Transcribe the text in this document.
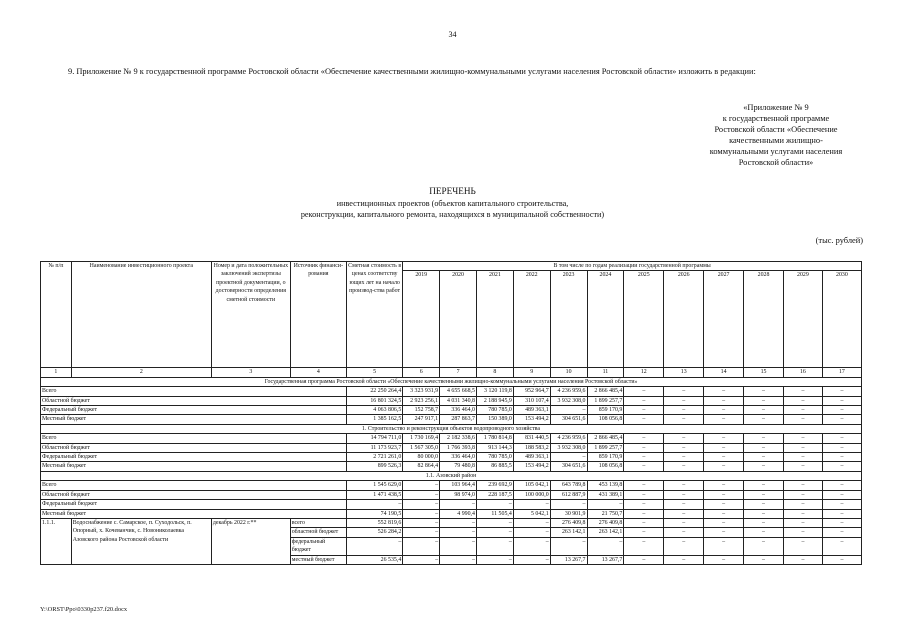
34
9. Приложение № 9 к государственной программе Ростовской области «Обеспечение качественными жилищно-коммунальными услугами населения Ростовской области» изложить в редакции:
«Приложение № 9
к государственной программе
Ростовской области «Обеспечение
качественными жилищно-
коммунальными услугами населения
Ростовской области»
ПЕРЕЧЕНЬ
инвестиционных проектов (объектов капитального строительства,
реконструкции, капитального ремонта, находящихся в муниципальной собственности)
(тыс. рублей)
№ п/п	Наименование инвестиционного проекта	Номер и дата положительных заключений экспертизы проектной документации, о достоверности определения сметной стоимости	Источник финанси-рования	Сметная стоимость в ценах соответству ющих лет на начало производ-ства работ	В том числе по годам реализации государственной программы											
					2019	2020	2021	2022	2023	2024	2025	2026	2027	2028	2029	2030
1	2	3	4	5	6	7	8	9	10	11	12	13	14	15	16	17
Государственная программа Ростовской области «Обеспечение качественными жилищно-коммунальными услугами населения Ростовской области»																
Всего				22 250 264,4	3 323 931,9	4 655 668,5	3 120 119,8	952 964,7	4 236 959,6	2 866 485,4	–	–	–	–	–	–
Областной бюджет				16 801 324,5	2 923 256,1	4 031 340,8	2 188 945,9	310 107,4	3 932 308,0	1 899 257,7	–	–	–	–	–	–
Федеральный бюджет				4 063 806,5	152 758,7	336 464,0	780 785,0	489 363,1	–	859 170,9	–	–	–	–	–	–
Местный бюджет				1 385 162,5	247 917,1	287 863,7	150 389,0	153 494,2	304 651,6	108 056,8	–	–	–	–	–	–
1. Строительство и реконструкция объектов водопроводного хозяйства																
Всего				14 794 711,0	1 730 169,4	2 182 338,6	1 780 814,8	831 440,5	4 236 959,6	2 866 485,4	–	–	–	–	–	–
Областной бюджет				11 173 923,7	1 567 305,0	1 766 393,8	913 144,3	188 583,2	3 932 308,0	1 899 257,7	–	–	–	–	–	–
Федеральный бюджет				2 721 261,0	80 000,0	336 464,0	780 785,0	489 363,1	–	859 170,9	–	–	–	–	–	–
Местный бюджет				899 526,3	82 864,4	79 480,8	86 885,5	153 494,2	304 651,6	108 056,8	–	–	–	–	–	–
1.1. Азовский район																
Всего				1 545 629,0	–	103 964,4	239 692,9	105 042,1	643 789,8	453 139,8	–	–	–	–	–	–
Областной бюджет				1 471 438,5	–	98 974,0	228 187,5	100 000,0	612 887,9	431 389,1	–	–	–	–	–	–
Федеральный бюджет				–	–	–	–	–	–	–	–	–	–	–	–	–
Местный бюджет				74 190,5	–	4 990,4	11 505,4	5 042,1	30 901,9	21 750,7	–	–	–	–	–	–
1.1.1.	Водоснабжение с. Самарское, п. Суходольск, п. Опорный, х. Кочеванчик, с. Новониколаевка Азовского района Ростовской области	декабрь 2022 г.**	всего	552 819,6	–	–	–	–	276 409,8	276 409,8	–	–	–	–	–	–
			областной бюджет	526 284,2	–	–	–	–	263 142,1	263 142,1	–	–	–	–	–	–
			федеральный бюджет	–	–	–	–	–	–	–	–	–	–	–	–	–
			местный бюджет	26 535,4	–	–	–	–	13 267,7	13 267,7	–	–	–	–	–	–
Y:\ORST\Ppo\0330p237.f20.docx
